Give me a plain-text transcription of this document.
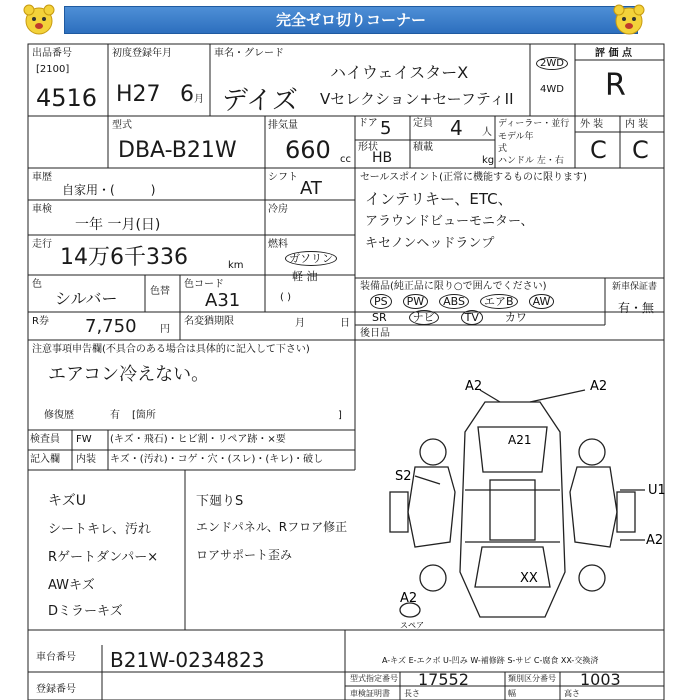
完全ゼロ切りコーナー
出品番号
[2100]
4516
初度登録年月
H27 6 月
車名・グレード
ハイウェイスターX
デイズ Vセレクション+セーフティII
2WD
4WD
評 価 点
R
型式
DBA-B21W
排気量
660 cc
ドア 5
形状
HB
定員 4 人
積載
kg
ディーラー・並行
モデル年式
ハンドル 左・右
外 装 内 装
C C
車歴
自家用・(　　　	)
シフト
AT
セールスポイント(正常に機能するものに限ります)
インテリキー、ETC、
アラウンドビューモニター、
キセノンヘッドランプ
車検
一年 一月(日)
冷房
走行
14万6千336	km
燃料
ガソリン
軽 油
( )
色
シルバー	色替
色コード
A31
装備品(純正品に限り○で囲んでください)
PS　 PW　 ABS　 エアB　 AW
SR　　 ナビ　　	TV　　 カワ
新車保証書
有・無
R券 7,750 円
名変猶期限	月	日
後日品
注意事項申告欄(不具合のある場合は具体的に記入して下さい)
エアコン冷えない。
修復歴	有 [箇所	]
検査員 FW (キズ・飛石)・ヒビ割・リペア跡・×要
記入欄 内装 キズ・(汚れ)・コゲ・穴・(スレ)・(キレ)・破し
キズU
シートキレ、汚れ
Rゲートダンパー×
AWキズ
Dミラーキズ
下廻りS
エンドパネル、Rフロア修正
ロアサポート歪み
A2	A2
A21
S2
U1
A2
XX
A2
スペア
A-キズ E-エクボ U-凹み W-補修跡 S-サビ C-腐食 XX-交換済
車台番号 B21W-0234823
登録番号
型式指定番号 17552	類別区分番号 1003
車検証明書 長さ	幅	高さ
